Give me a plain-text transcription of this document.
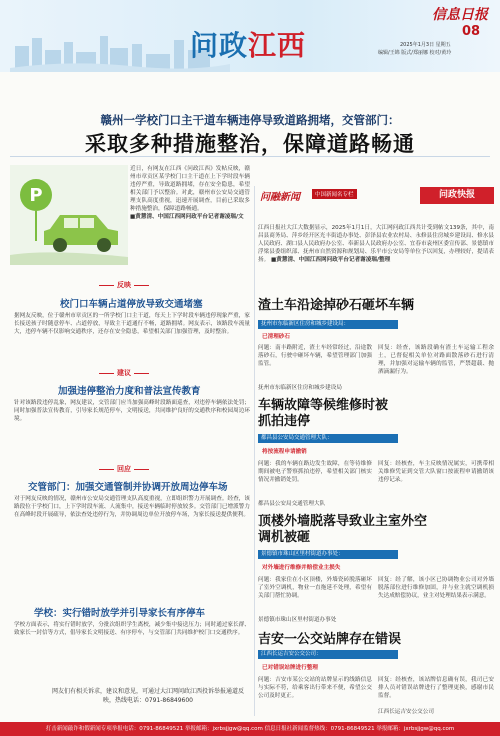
问政江西
信息日报
08
2025年1月3日 星期五
编辑/王锦 版式/郑丽娜 校对/黄玲
赣州一学校门口主干道车辆违停导致道路拥堵，交管部门：
采取多种措施整治，保障道路畅通
P
近日，有网友在江西《问政江西》发帖反映，赣州市章贡区某学校门口主干道在上下学时段车辆违停严重，导致道路拥堵，存在安全隐患，希望相关部门予以整治。对此，赣州市公安局交通管理支队高度重视，迅速开展调查，目前已采取多种措施整治，保障道路畅通。
■黄慧清、中国江西网问政平台记者谢凌瑞/文
反映
校门口车辆占道停放导致交通堵塞
据网友反映，位于赣州市章贡区的一所学校门口主干道，每天上下学时段车辆违停现象严重，家长接送孩子时随意停车、占道停放，导致主干道通行不畅，道路拥堵。网友表示，该路段车流量大，违停车辆不仅影响交通秩序，还存在安全隐患，希望相关部门加强管理，及时整治。
建议
加强违停整治力度和普法宣传教育
针对该路段违停乱象，网友建议，交管部门应当加强高峰时段路面巡查，对违停车辆依法处罚；同时加强普法宣传教育，引导家长规范停车，文明接送，共同维护良好的交通秩序和校园周边环境。
回应
交管部门：加强交通管制并协调开放周边停车场
对于网友反映的情况，赣州市公安局交通管理支队高度重视，立即组织警力开展调查。经查，该路段位于学校门口，上下学时段车流、人流集中，接送车辆临时停放较多。交管部门已增派警力在高峰时段开展疏导，依法查处违停行为，并协调周边单位开放停车场，为家长接送提供便利。
学校：实行错时放学并引导家长有序停车
学校方面表示，将实行错时放学，分批次组织学生离校，减少集中接送压力；同时通过家长群、致家长一封信等方式，倡导家长文明接送、有序停车，与交管部门共同维护校门口交通秩序。
网友们有相关诉求，建议和意见，可通过大江网问政江西投诉举报通道反映，热线电话：0791-86849600
问融新闻	中国新闻名专栏	问政快报
江西日报社大江大数据显示，2025年1月1日，大江网问政江西共计受到帖文139条，其中，南昌县商务局、萍乡经开区光丰街道办事处、彭泽县农业农村局、永修县住房城乡建设局、修水县人民政府、湖口县人民政府办公室、奉新县人民政府办公室、宜春市袁州区委宣传部、景德镇市浮梁县委组织部、抚州市自然资源和规划局、乐平市公安局等单位予以回复，办理较好，提请表扬。 ■黄慧清、中国江西网问政平台记者谢凌瑞/整理
渣土车沿途掉砂石砸坏车辆
抚州市东临新区住房和城乡建设局：
已清理砂石
问题：南丰路附近，渣土车经常经过，沿途散落砂石，行驶中砸坏车辆，希望管理部门加强监管。
回复：经查，该路段确有渣土车运输工程余土，已督促相关单位对路面散落砂石进行清理，并加强对运输车辆的监管，严禁超载、抛洒滴漏行为。
抚州市东临新区住房和城乡建设局
车辆故障等候维修时被抓拍违停
都昌县公安局交通管理大队：
将按流程申请撤销
问题：我的车辆在路边发生故障，在等待维修期间被电子警察抓拍违停，希望相关部门核实情况并撤销处罚。
回复：经核查，车主反映情况属实，可携带相关维修凭证到交管大队窗口按流程申请撤销该违停记录。
都昌县公安局交通管理大队
顶楼外墙脱落导致业主室外空调机被砸
景德镇市珠山区里村街道办事处：
对外墙进行维修并赔偿业主损失
问题：我家住在小区顶楼，外墙瓷砖脱落砸坏了室外空调机，物业一直拖延不处理，希望有关部门帮忙协调。
回复：经了解，该小区已协调物业公司对外墙脱落部位进行维修加固，并与业主就空调机损失达成赔偿协议，业主对处理结果表示满意。
景德镇市珠山区里村街道办事处
吉安一公交站牌存在错误
江西长运吉安公交公司：
已对错误站牌进行整理
问题：吉安市某公交站的站牌显示的线路信息与实际不符，给乘客出行带来不便，希望公交公司及时更正。
回复：经核查，该站牌信息确有误，我司已安排人员对错误站牌进行了整理更换，感谢市民监督。
江西长运吉安公交公司
打击新闻敲诈和假新闻专项举报电话：0791-86849521 举报邮箱：jxrbsjjgw@qq.com 信息日报社新闻监督热线：0791-86849521 举报邮箱：jxrbsjjgw@qq.com
